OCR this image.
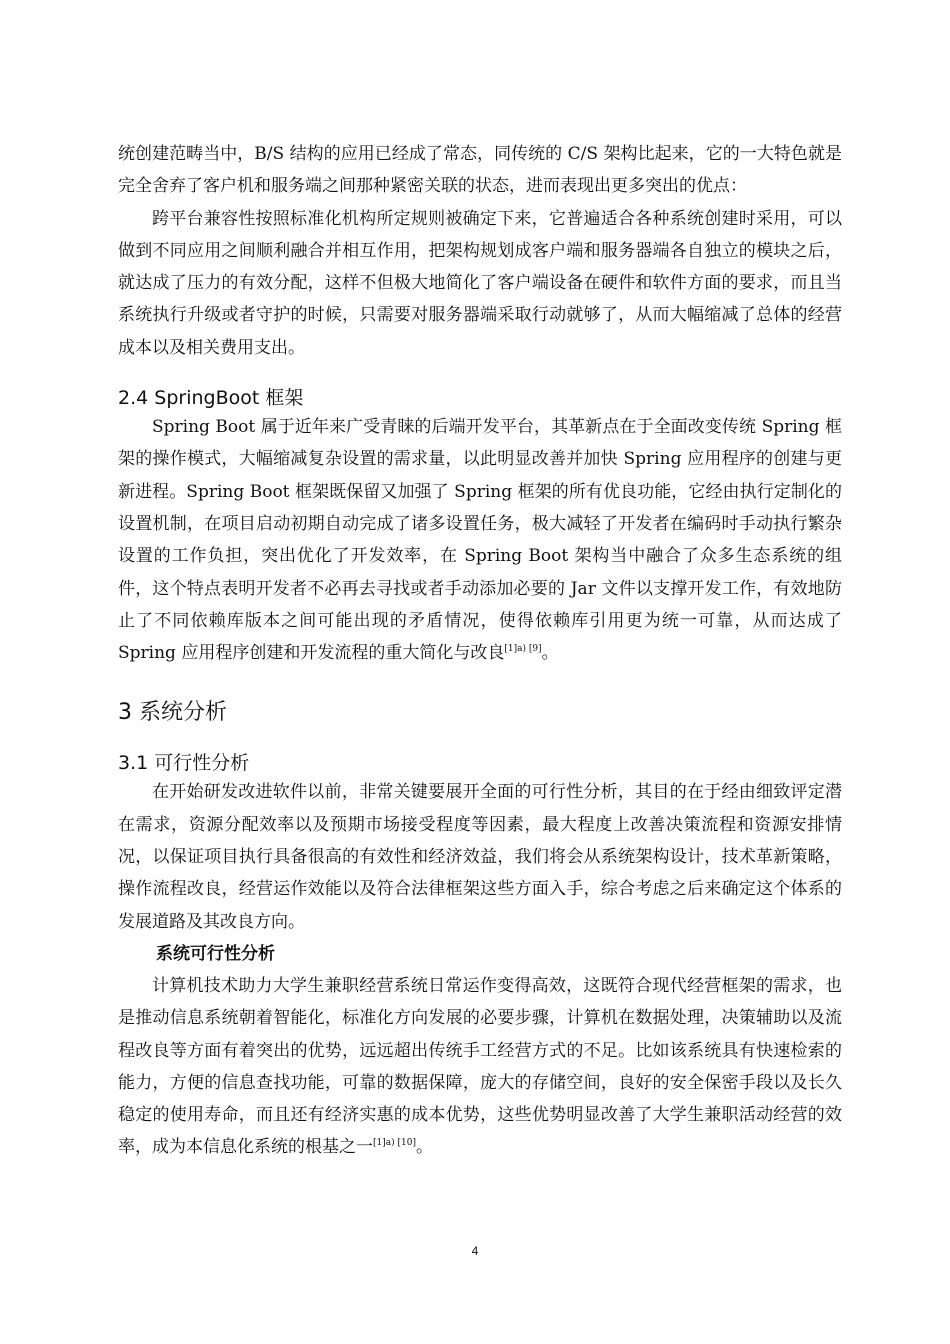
统创建范畴当中，B/S 结构的应用已经成了常态，同传统的 C/S 架构比起来，它的一大特色就是完全舍弃了客户机和服务端之间那种紧密关联的状态，进而表现出更多突出的优点：

跨平台兼容性按照标准化机构所定规则被确定下来，它普遍适合各种系统创建时采用，可以做到不同应用之间顺利融合并相互作用，把架构规划成客户端和服务器端各自独立的模块之后，就达成了压力的有效分配，这样不但极大地简化了客户端设备在硬件和软件方面的要求，而且当系统执行升级或者守护的时候，只需要对服务器端采取行动就够了，从而大幅缩减了总体的经营成本以及相关费用支出。

2.4 SpringBoot 框架

Spring Boot 属于近年来广受青睐的后端开发平台，其革新点在于全面改变传统 Spring 框架的操作模式，大幅缩减复杂设置的需求量，以此明显改善并加快 Spring 应用程序的创建与更新进程。Spring Boot 框架既保留又加强了 Spring 框架的所有优良功能，它经由执行定制化的设置机制，在项目启动初期自动完成了诸多设置任务，极大减轻了开发者在编码时手动执行繁杂设置的工作负担，突出优化了开发效率，在 Spring Boot 架构当中融合了众多生态系统的组件，这个特点表明开发者不必再去寻找或者手动添加必要的 Jar 文件以支撑开发工作，有效地防止了不同依赖库版本之间可能出现的矛盾情况，使得依赖库引用更为统一可靠，从而达成了 Spring 应用程序创建和开发流程的重大简化与改良[1]a) [9]。

3 系统分析
3.1 可行性分析

在开始研发改进软件以前，非常关键要展开全面的可行性分析，其目的在于经由细致评定潜在需求，资源分配效率以及预期市场接受程度等因素，最大程度上改善决策流程和资源安排情况，以保证项目执行具备很高的有效性和经济效益，我们将会从系统架构设计，技术革新策略，操作流程改良，经营运作效能以及符合法律框架这些方面入手，综合考虑之后来确定这个体系的发展道路及其改良方向。

系统可行性分析

计算机技术助力大学生兼职经营系统日常运作变得高效，这既符合现代经营框架的需求，也是推动信息系统朝着智能化，标准化方向发展的必要步骤，计算机在数据处理，决策辅助以及流程改良等方面有着突出的优势，远远超出传统手工经营方式的不足。比如该系统具有快速检索的能力，方便的信息查找功能，可靠的数据保障，庞大的存储空间，良好的安全保密手段以及长久稳定的使用寿命，而且还有经济实惠的成本优势，这些优势明显改善了大学生兼职活动经营的效率，成为本信息化系统的根基之一[1]a) [10]。

4
